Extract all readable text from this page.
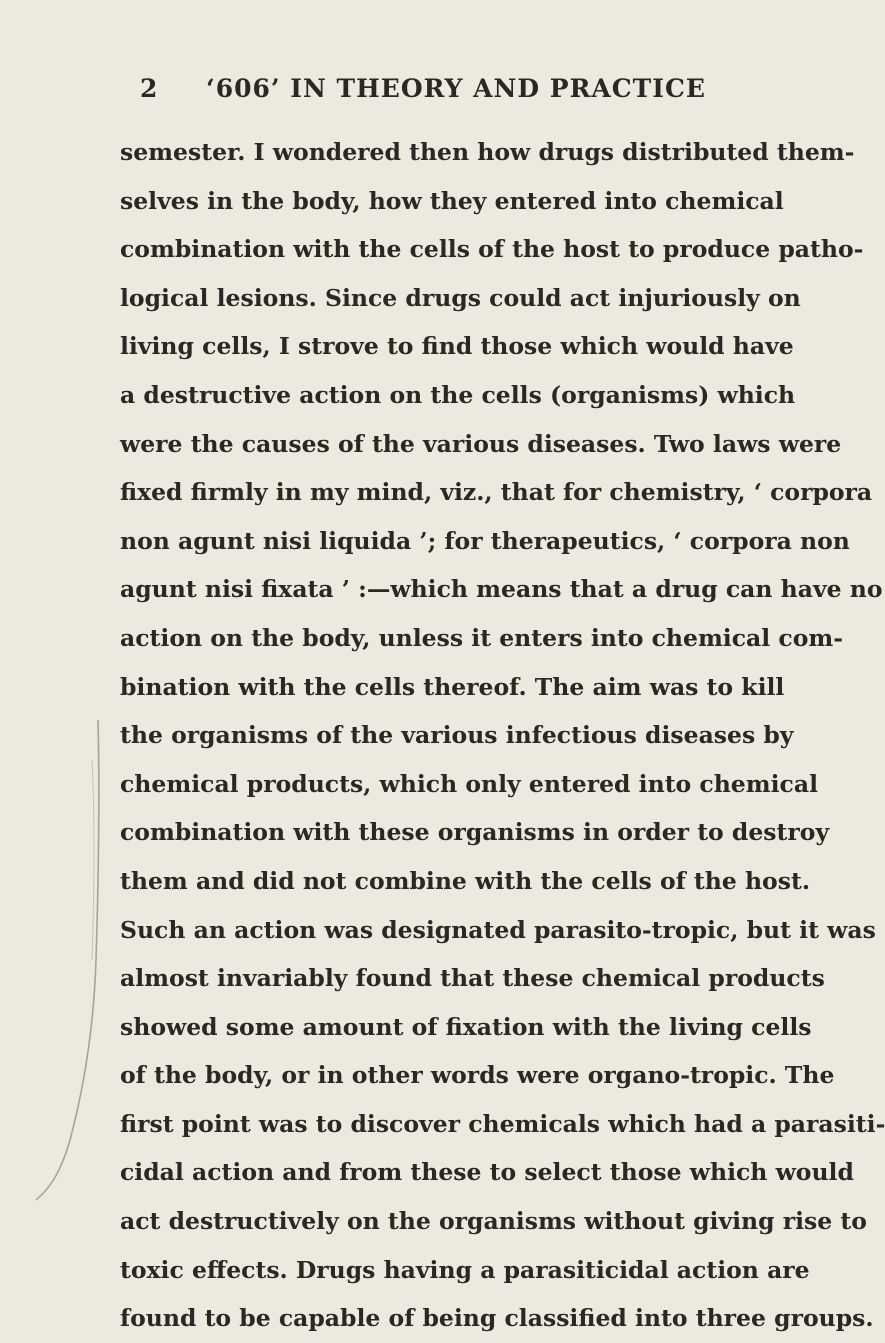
2 ‘606’ IN THEORY AND PRACTICE
semester. I wondered then how drugs distributed them-
selves in the body, how they entered into chemical
combination with the cells of the host to produce patho-
logical lesions. Since drugs could act injuriously on
living cells, I strove to find those which would have
a destructive action on the cells (organisms) which
were the causes of the various diseases. Two laws were
fixed firmly in my mind, viz., that for chemistry, ‘ corpora
non agunt nisi liquida ’; for therapeutics, ‘ corpora non
agunt nisi fixata ’ :—which means that a drug can have no
action on the body, unless it enters into chemical com-
bination with the cells thereof. The aim was to kill
the organisms of the various infectious diseases by
chemical products, which only entered into chemical
combination with these organisms in order to destroy
them and did not combine with the cells of the host.
Such an action was designated parasito-tropic, but it was
almost invariably found that these chemical products
showed some amount of fixation with the living cells
of the body, or in other words were organo-tropic. The
first point was to discover chemicals which had a parasiti-
cidal action and from these to select those which would
act destructively on the organisms without giving rise to
toxic effects. Drugs having a parasiticidal action are
found to be capable of being classified into three groups.
